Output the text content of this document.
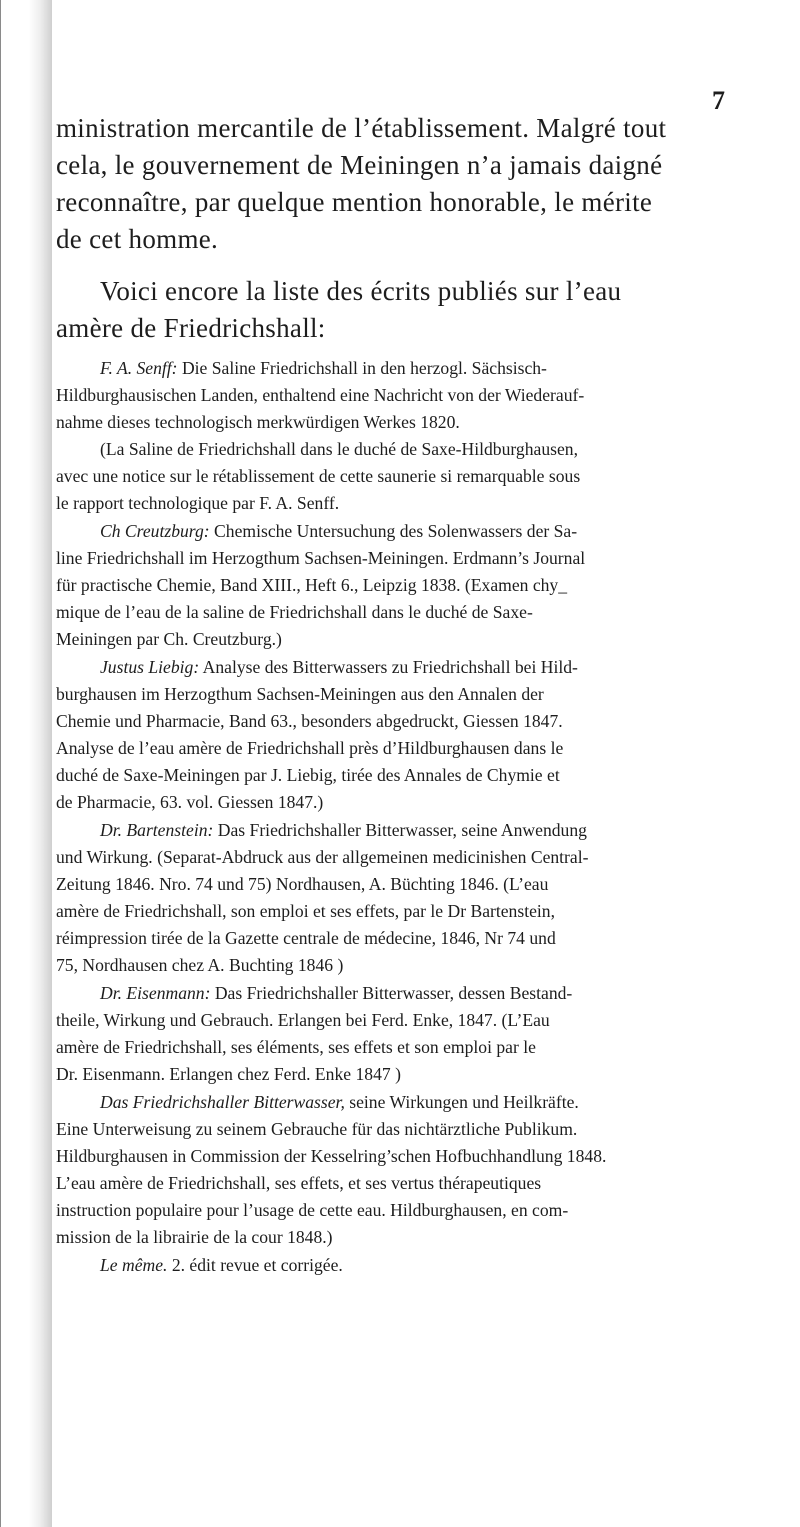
7
ministration mercantile de l’établissement. Malgré tout
cela, le gouvernement de Meiningen n’a jamais daigné
reconnaître, par quelque mention honorable, le mérite
de cet homme.
Voici encore la liste des écrits publiés sur l’eau
amère de Friedrichshall:
F. A. Senff: Die Saline Friedrichshall in den herzogl. Sächsisch-
Hildburghausischen Landen, enthaltend eine Nachricht von der Wiederauf-
nahme dieses technologisch merkwürdigen Werkes 1820.
(La Saline de Friedrichshall dans le duché de Saxe-Hildburghausen,
avec une notice sur le rétablissement de cette saunerie si remarquable sous
le rapport technologique par F. A. Senff.
Ch Creutzburg: Chemische Untersuchung des Solenwassers der Sa-
line Friedrichshall im Herzogthum Sachsen-Meiningen. Erdmann’s Journal
für practische Chemie, Band XIII., Heft 6., Leipzig 1838. (Examen chy_
mique de l’eau de la saline de Friedrichshall dans le duché de Saxe-
Meiningen par Ch. Creutzburg.)
Justus Liebig: Analyse des Bitterwassers zu Friedrichshall bei Hild-
burghausen im Herzogthum Sachsen-Meiningen aus den Annalen der
Chemie und Pharmacie, Band 63., besonders abgedruckt, Giessen 1847.
Analyse de l’eau amère de Friedrichshall près d’Hildburghausen dans le
duché de Saxe-Meiningen par J. Liebig, tirée des Annales de Chymie et
de Pharmacie, 63. vol. Giessen 1847.)
Dr. Bartenstein: Das Friedrichshaller Bitterwasser, seine Anwendung
und Wirkung. (Separat-Abdruck aus der allgemeinen medicinishen Central-
Zeitung 1846. Nro. 74 und 75) Nordhausen, A. Büchting 1846. (L’eau
amère de Friedrichshall, son emploi et ses effets, par le Dr Bartenstein,
réimpression tirée de la Gazette centrale de médecine, 1846, Nr 74 und
75, Nordhausen chez A. Buchting 1846 )
Dr. Eisenmann: Das Friedrichshaller Bitterwasser, dessen Bestand-
theile, Wirkung und Gebrauch. Erlangen bei Ferd. Enke, 1847. (L’Eau
amère de Friedrichshall, ses éléments, ses effets et son emploi par le
Dr. Eisenmann. Erlangen chez Ferd. Enke 1847 )
Das Friedrichshaller Bitterwasser, seine Wirkungen und Heilkräfte.
Eine Unterweisung zu seinem Gebrauche für das nichtärztliche Publikum.
Hildburghausen in Commission der Kesselring’schen Hofbuchhandlung 1848.
L’eau amère de Friedrichshall, ses effets, et ses vertus thérapeutiques
instruction populaire pour l’usage de cette eau. Hildburghausen, en com-
mission de la librairie de la cour 1848.)
Le même. 2. édit revue et corrigée.
